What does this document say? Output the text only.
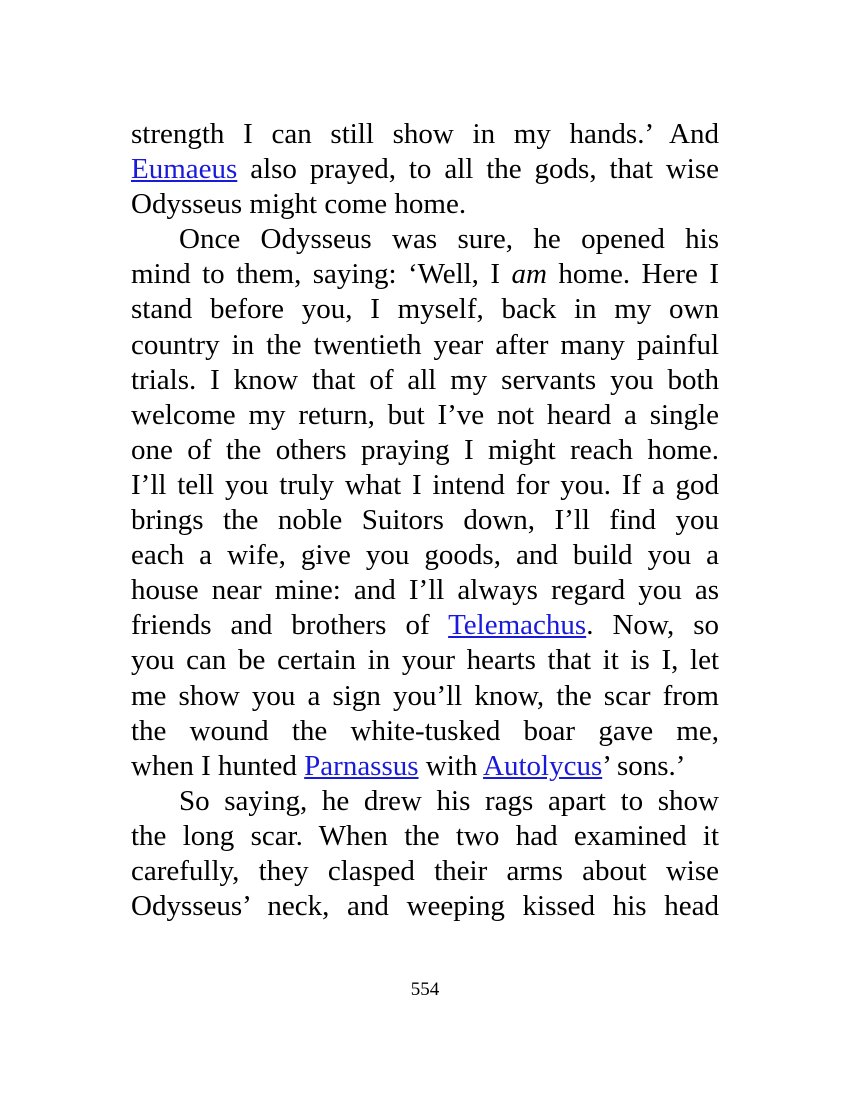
strength I can still show in my hands.’ And
Eumaeus also prayed, to all the gods, that wise
Odysseus might come home.
Once Odysseus was sure, he opened his
mind to them, saying: ‘Well, I am home. Here I
stand before you, I myself, back in my own
country in the twentieth year after many painful
trials. I know that of all my servants you both
welcome my return, but I’ve not heard a single
one of the others praying I might reach home.
I’ll tell you truly what I intend for you. If a god
brings the noble Suitors down, I’ll find you
each a wife, give you goods, and build you a
house near mine: and I’ll always regard you as
friends and brothers of Telemachus. Now, so
you can be certain in your hearts that it is I, let
me show you a sign you’ll know, the scar from
the wound the white-tusked boar gave me,
when I hunted Parnassus with Autolycus’ sons.’
So saying, he drew his rags apart to show
the long scar. When the two had examined it
carefully, they clasped their arms about wise
Odysseus’ neck, and weeping kissed his head
554
